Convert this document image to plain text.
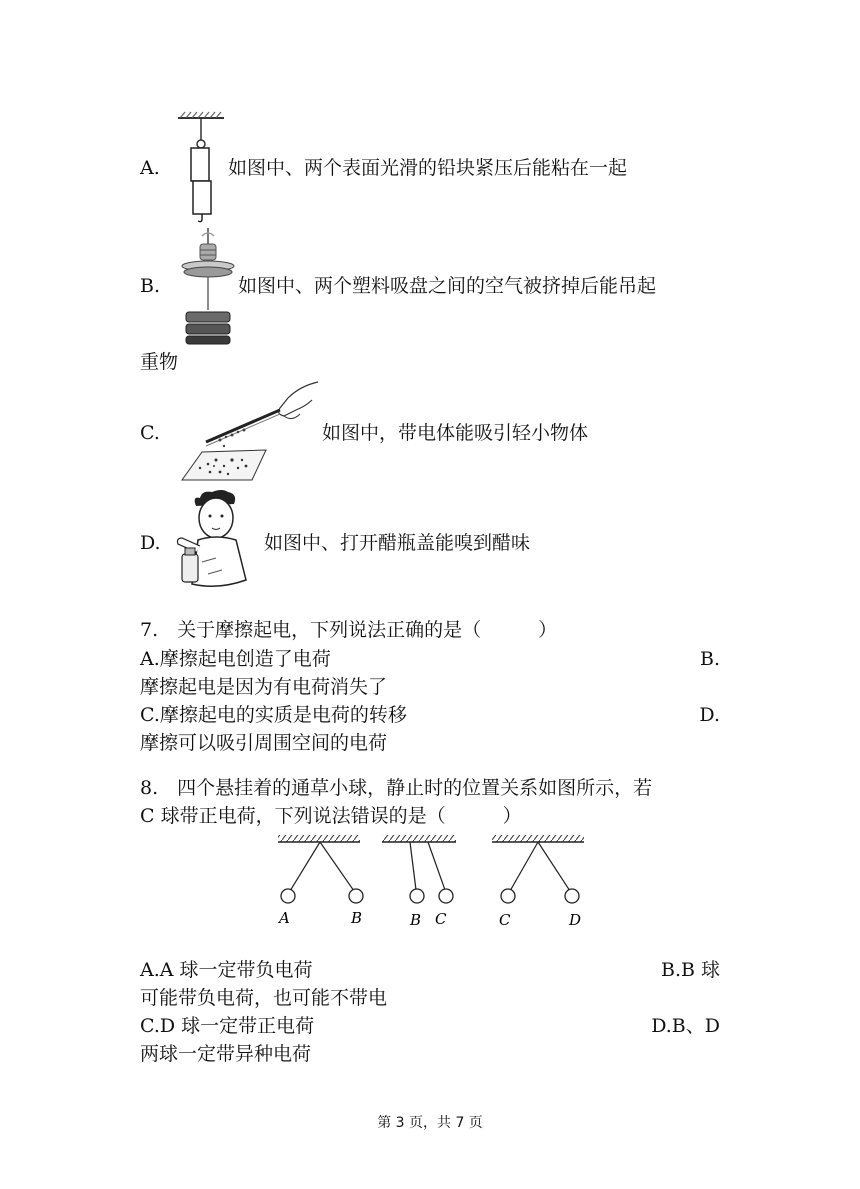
A.	如图中、两个表面光滑的铅块紧压后能粘在一起
B.	如图中、两个塑料吸盘之间的空气被挤掉后能吊起
重物
C.	如图中，带电体能吸引轻小物体
D.	如图中、打开醋瓶盖能嗅到醋味
7.　关于摩擦起电，下列说法正确的是（　　　）
A.摩擦起电创造了电荷	B.
摩擦起电是因为有电荷消失了
C.摩擦起电的实质是电荷的转移	D.
摩擦可以吸引周围空间的电荷
8.　四个悬挂着的通草小球，静止时的位置关系如图所示，若
C 球带正电荷，下列说法错误的是（　　　）
A	B	B C	C	D
A.A 球一定带负电荷	B.B 球
可能带负电荷，也可能不带电
C.D 球一定带正电荷	D.B、D
两球一定带异种电荷
第 3 页，共 7 页
